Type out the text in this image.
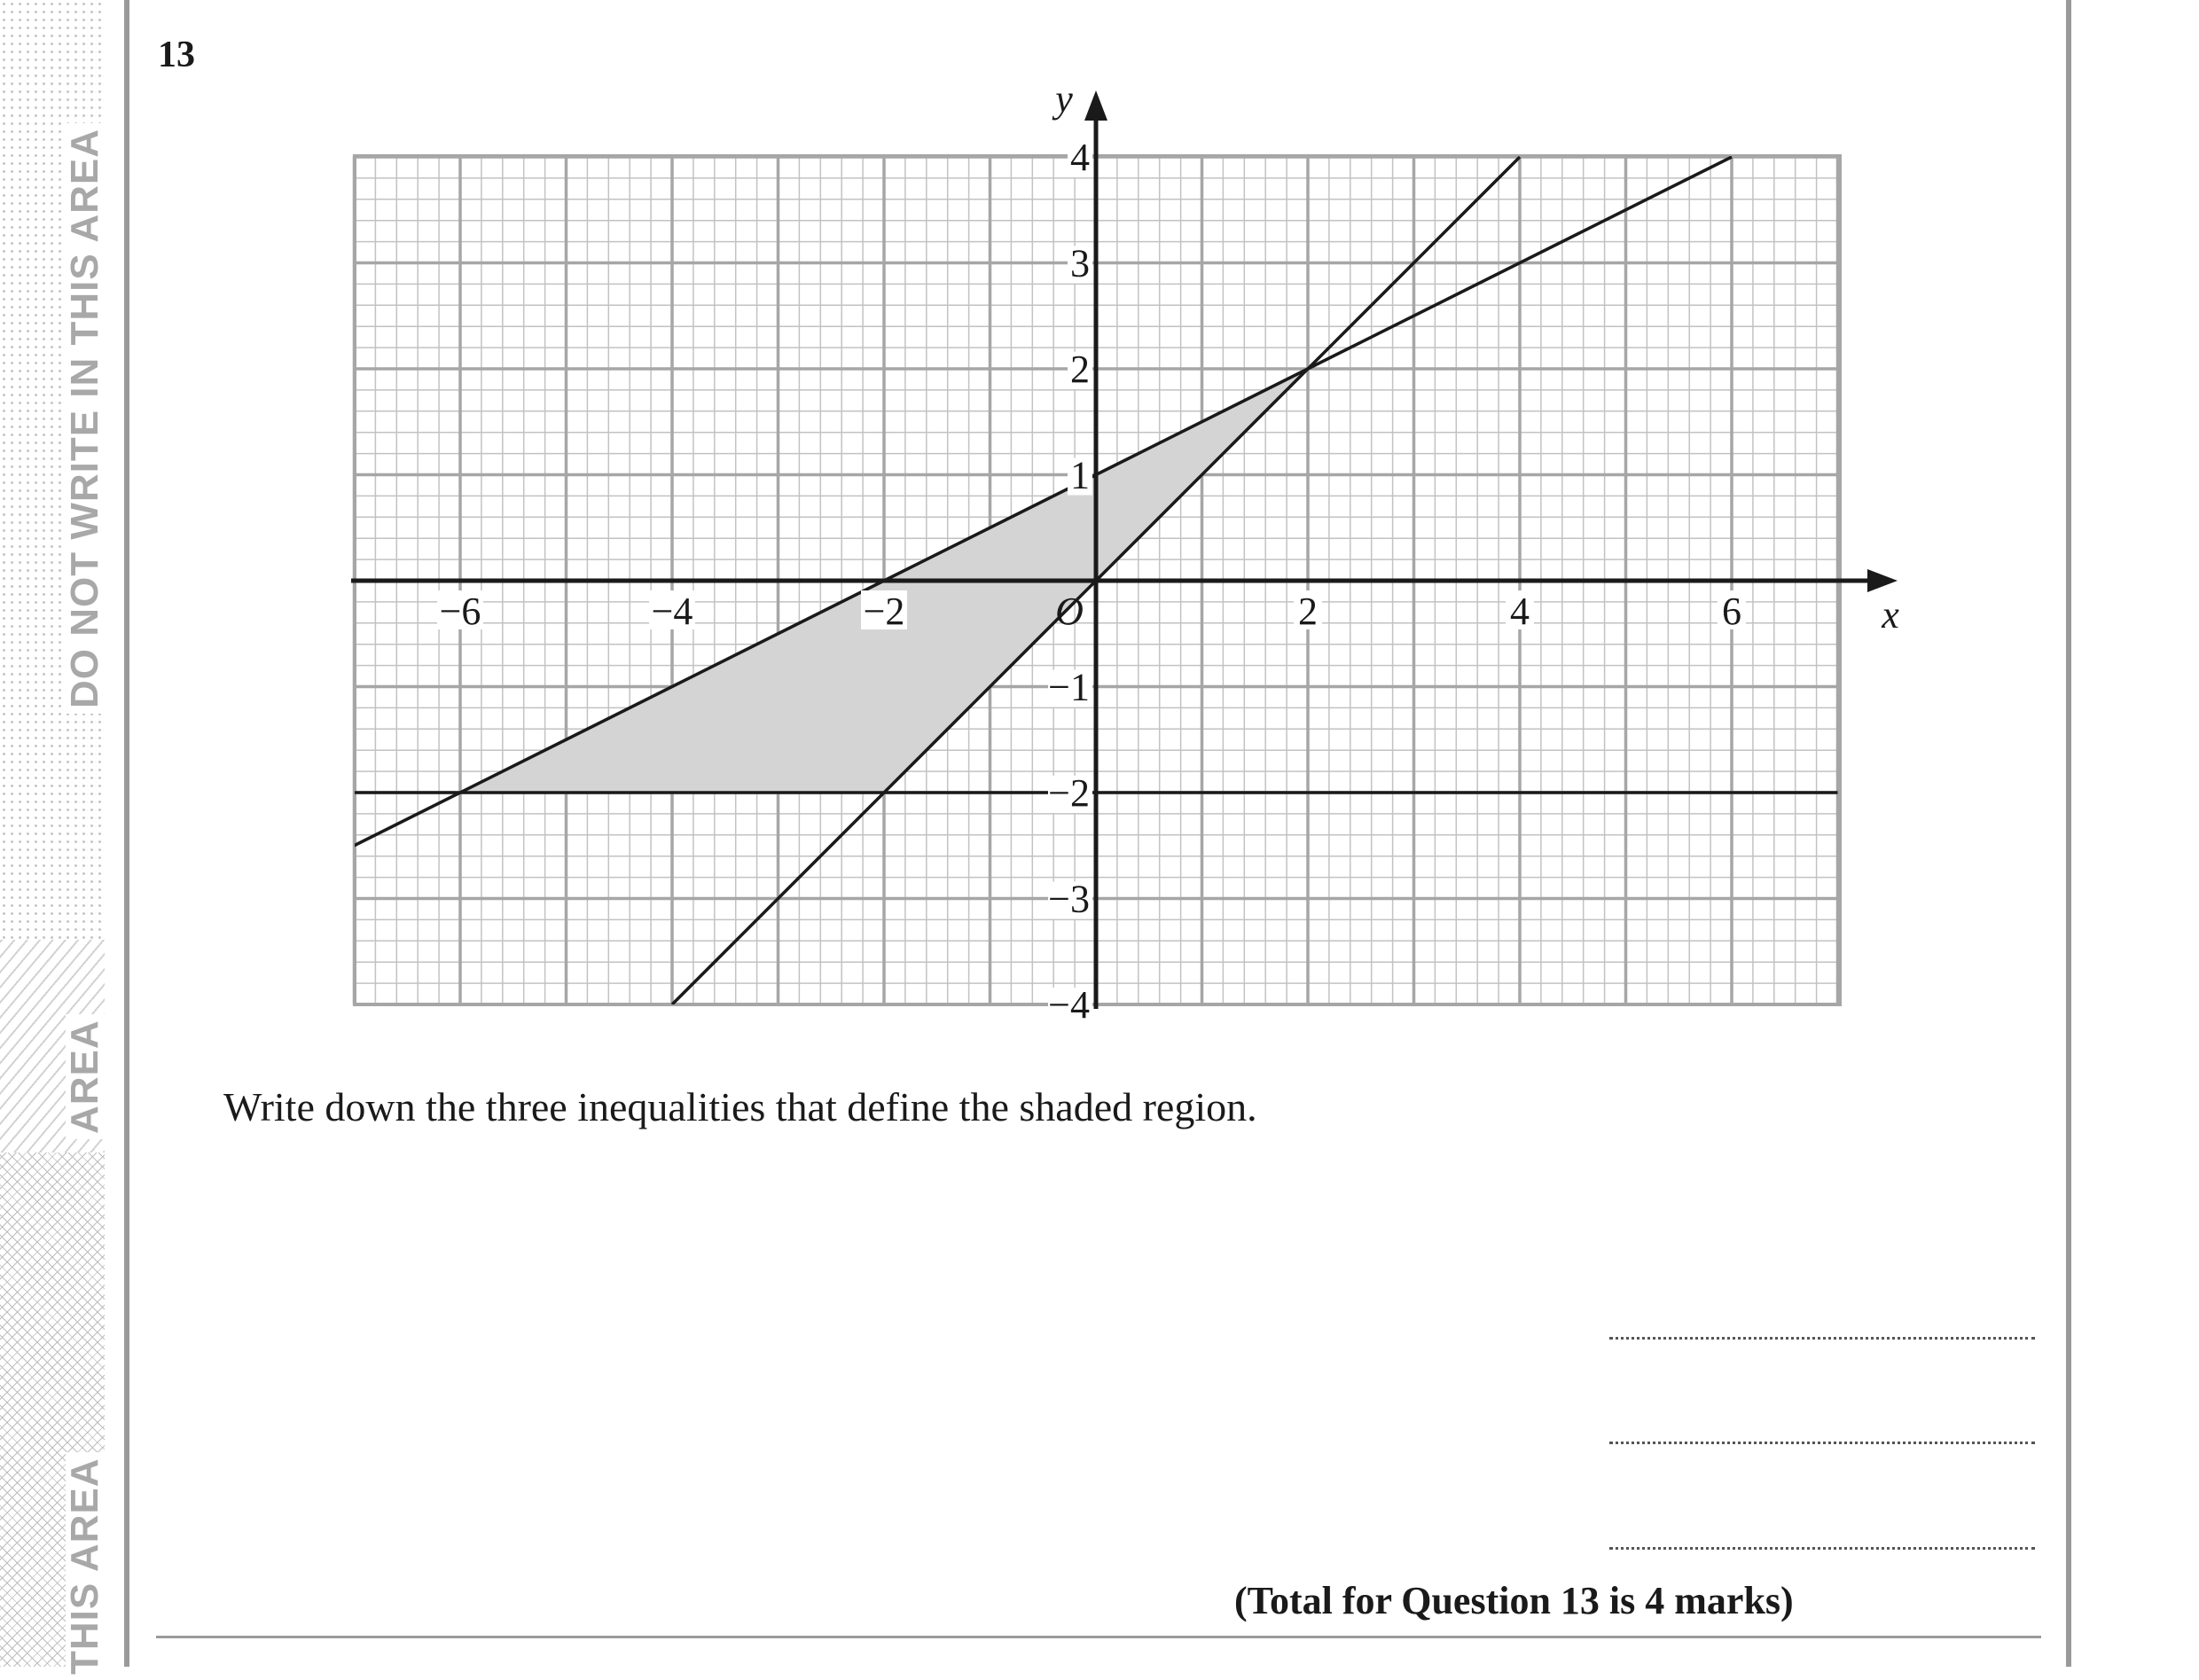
DO NOT WRITE IN THIS AREA
AREA
THIS AREA
13
−6	−4	−2	2	4	6
4
3
2
1
−1
−2
−3
−4
O	x
y
Write down the three inequalities that define the shaded region.
(Total for Question 13 is 4 marks)
